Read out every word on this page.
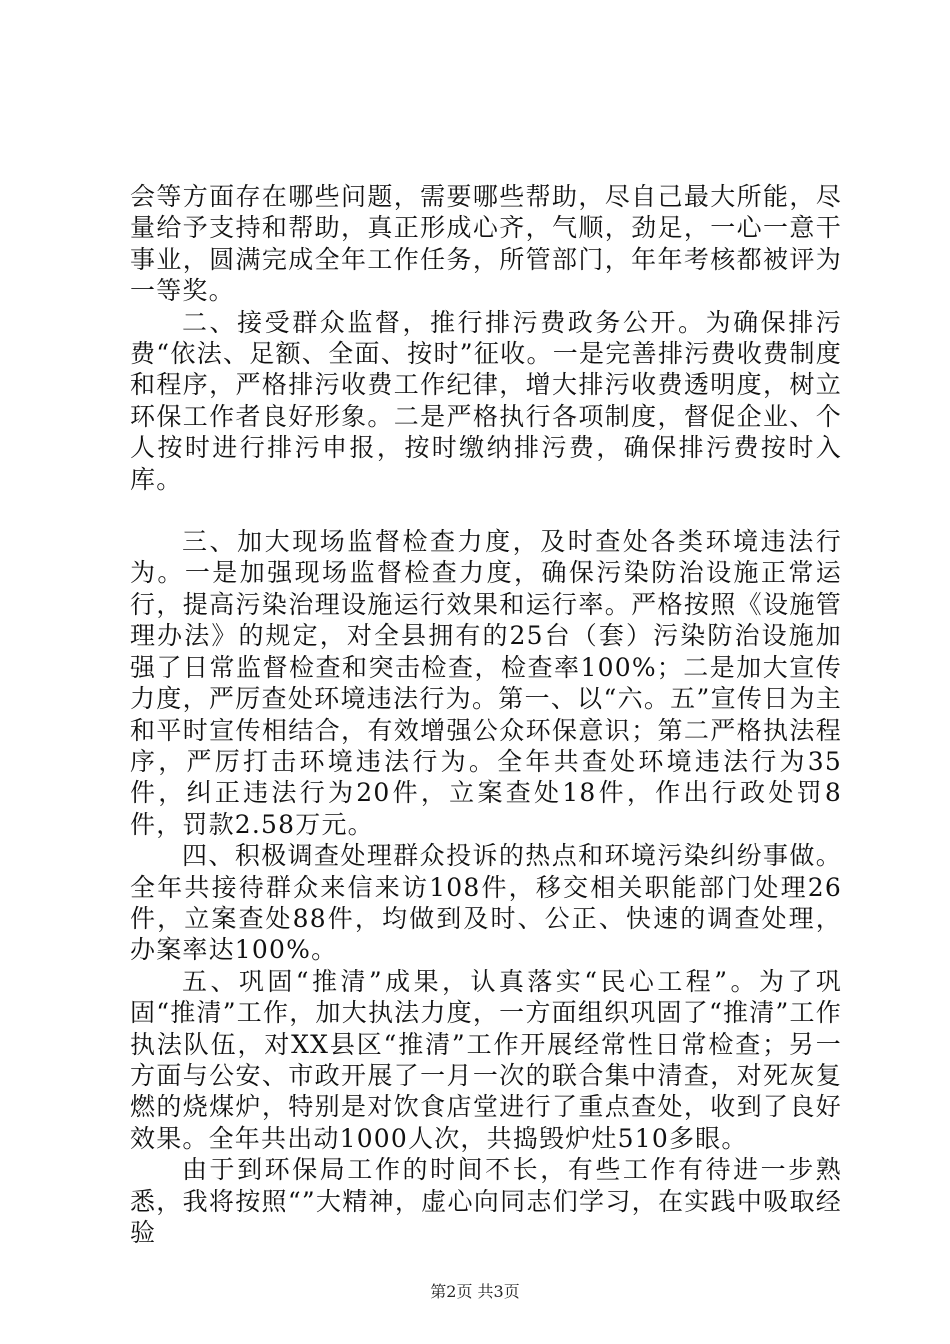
会等方面存在哪些问题，需要哪些帮助，尽自己最大所能，尽量给予支持和帮助，真正形成心齐，气顺，劲足，一心一意干事业，圆满完成全年工作任务，所管部门，年年考核都被评为一等奖。

二、接受群众监督，推行排污费政务公开。为确保排污费“依法、足额、全面、按时”征收。一是完善排污费收费制度和程序，严格排污收费工作纪律，增大排污收费透明度，树立环保工作者良好形象。二是严格执行各项制度，督促企业、个人按时进行排污申报，按时缴纳排污费，确保排污费按时入库。

三、加大现场监督检查力度，及时查处各类环境违法行为。一是加强现场监督检查力度，确保污染防治设施正常运行，提高污染治理设施运行效果和运行率。严格按照《设施管理办法》的规定，对全县拥有的25台（套）污染防治设施加强了日常监督检查和突击检查，检查率100%；二是加大宣传力度，严厉查处环境违法行为。第一、以“六。五”宣传日为主和平时宣传相结合，有效增强公众环保意识；第二严格执法程序，严厉打击环境违法行为。全年共查处环境违法行为35件，纠正违法行为20件，立案查处18件，作出行政处罚8件，罚款2.58万元。

四、积极调查处理群众投诉的热点和环境污染纠纷事做。全年共接待群众来信来访108件，移交相关职能部门处理26件，立案查处88件，均做到及时、公正、快速的调查处理，办案率达100%。

五、巩固“推清”成果，认真落实“民心工程”。为了巩固“推清”工作，加大执法力度，一方面组织巩固了“推清”工作执法队伍，对XX县区“推清”工作开展经常性日常检查；另一方面与公安、市政开展了一月一次的联合集中清查，对死灰复燃的烧煤炉，特别是对饮食店堂进行了重点查处，收到了良好效果。全年共出动1000人次，共捣毁炉灶510多眼。

由于到环保局工作的时间不长，有些工作有待进一步熟悉，我将按照“”大精神，虚心向同志们学习，在实践中吸取经验

第2页 共3页
